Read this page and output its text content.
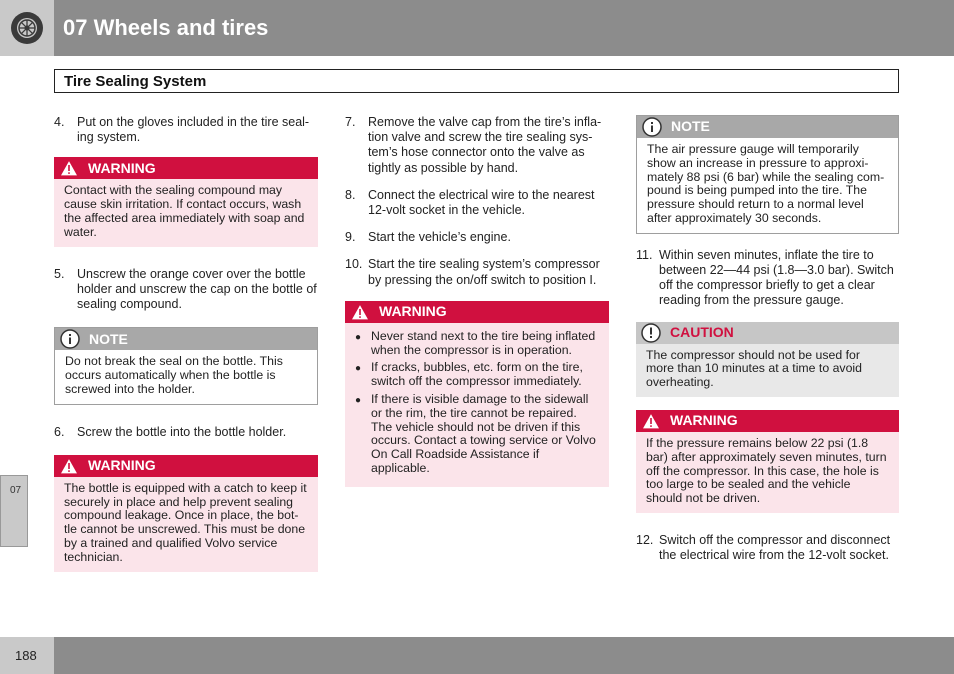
07 Wheels and tires
Tire Sealing System
4.	Put on the gloves included in the tire seal-ing system.
WARNING
Contact with the sealing compound may cause skin irritation. If contact occurs, wash the affected area immediately with soap and water.
5.	Unscrew the orange cover over the bottle holder and unscrew the cap on the bottle of sealing compound.
NOTE
Do not break the seal on the bottle. This occurs automatically when the bottle is screwed into the holder.
6.	Screw the bottle into the bottle holder.
WARNING
The bottle is equipped with a catch to keep it securely in place and help prevent sealing compound leakage. Once in place, the bot-tle cannot be unscrewed. This must be done by a trained and qualified Volvo service technician.
7.	Remove the valve cap from the tire’s infla-tion valve and screw the tire sealing sys-tem’s hose connector onto the valve as tightly as possible by hand.
8.	Connect the electrical wire to the nearest 12-volt socket in the vehicle.
9.	Start the vehicle’s engine.
10. Start the tire sealing system’s compressor by pressing the on/off switch to position I.
WARNING
● Never stand next to the tire being inflated when the compressor is in operation.
● If cracks, bubbles, etc. form on the tire, switch off the compressor immediately.
● If there is visible damage to the sidewall or the rim, the tire cannot be repaired. The vehicle should not be driven if this occurs. Contact a towing service or Volvo On Call Roadside Assistance if applicable.
NOTE
The air pressure gauge will temporarily show an increase in pressure to approxi-mately 88 psi (6 bar) while the sealing com-pound is being pumped into the tire. The pressure should return to a normal level after approximately 30 seconds.
11. Within seven minutes, inflate the tire to between 22—44 psi (1.8—3.0 bar). Switch off the compressor briefly to get a clear reading from the pressure gauge.
CAUTION
The compressor should not be used for more than 10 minutes at a time to avoid overheating.
WARNING
If the pressure remains below 22 psi (1.8 bar) after approximately seven minutes, turn off the compressor. In this case, the hole is too large to be sealed and the vehicle should not be driven.
12. Switch off the compressor and disconnect the electrical wire from the 12-volt socket.
07
188
